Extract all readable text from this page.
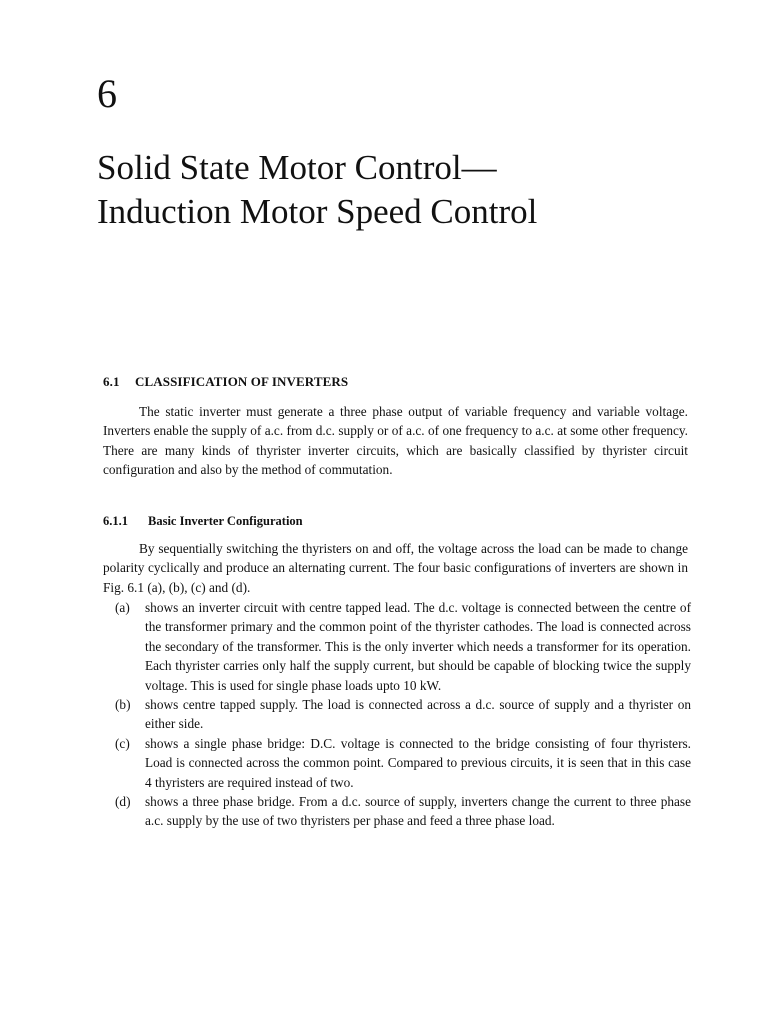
6
Solid State Motor Control—
Induction Motor Speed Control
6.1 CLASSIFICATION OF INVERTERS

The static inverter must generate a three phase output of variable frequency and variable voltage. Inverters enable the supply of a.c. from d.c. supply or of a.c. of one frequency to a.c. at some other frequency. There are many kinds of thyrister inverter circuits, which are basically classified by thyrister circuit configuration and also by the method of commutation.

6.1.1 Basic Inverter Configuration

By sequentially switching the thyristers on and off, the voltage across the load can be made to change polarity cyclically and produce an alternating current. The four basic configurations of inverters are shown in Fig. 6.1 (a), (b), (c) and (d).

(a) shows an inverter circuit with centre tapped lead. The d.c. voltage is connected between the centre of the transformer primary and the common point of the thyrister cathodes. The load is connected across the secondary of the transformer. This is the only inverter which needs a transformer for its operation. Each thyrister carries only half the supply current, but should be capable of blocking twice the supply voltage. This is used for single phase loads upto 10 kW.
(b) shows centre tapped supply. The load is connected across a d.c. source of supply and a thyrister on either side.
(c) shows a single phase bridge: D.C. voltage is connected to the bridge consisting of four thyristers. Load is connected across the common point. Compared to previous circuits, it is seen that in this case 4 thyristers are required instead of two.
(d) shows a three phase bridge. From a d.c. source of supply, inverters change the current to three phase a.c. supply by the use of two thyristers per phase and feed a three phase load.
